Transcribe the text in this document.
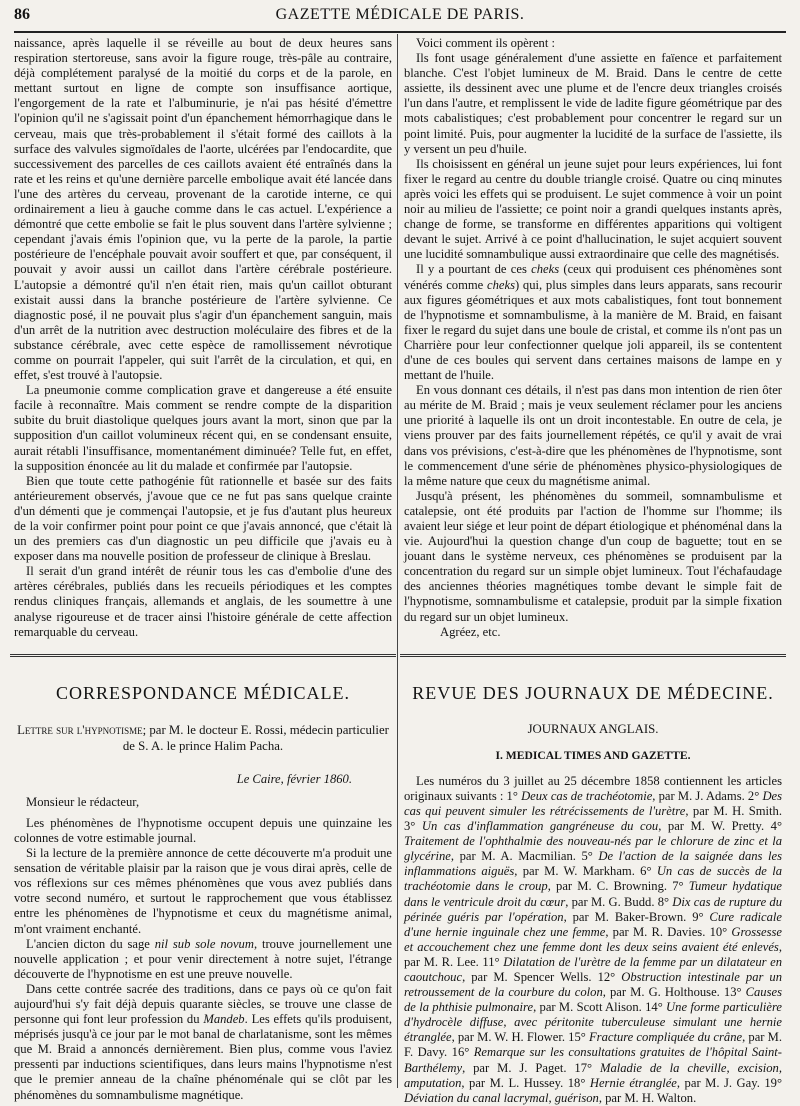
86	GAZETTE MÉDICALE DE PARIS.

naissance, après laquelle il se réveille au bout de deux heures sans respiration stertoreuse, sans avoir la figure rouge, très-pâle au contraire, déjà complétement paralysé de la moitié du corps et de la parole, en mettant surtout en ligne de compte son insuffisance aortique, l'engorgement de la rate et l'albuminurie, je n'ai pas hésité d'émettre l'opinion qu'il ne s'agissait point d'un épanchement hémorrhagique dans le cerveau, mais que très-probablement il s'était formé des caillots à la surface des valvules sigmoïdales de l'aorte, ulcérées par l'endocardite, que successivement des parcelles de ces caillots avaient été entraînés dans la rate et les reins et qu'une dernière parcelle embolique avait été lancée dans l'une des artères du cerveau, provenant de la carotide interne, ce qui ordinairement a lieu à gauche comme dans le cas actuel. L'expérience a démontré que cette embolie se fait le plus souvent dans l'artère sylvienne ; cependant j'avais émis l'opinion que, vu la perte de la parole, la partie postérieure de l'encéphale pouvait avoir souffert et que, par conséquent, il pouvait y avoir aussi un caillot dans l'artère cérébrale postérieure. L'autopsie a démontré qu'il n'en était rien, mais qu'un caillot obturant existait aussi dans la branche postérieure de l'artère sylvienne. Ce diagnostic posé, il ne pouvait plus s'agir d'un épanchement sanguin, mais d'un arrêt de la nutrition avec destruction moléculaire des fibres et de la substance cérébrale, avec cette espèce de ramollissement névrotique comme on pourrait l'appeler, qui suit l'arrêt de la circulation, et qui, en effet, s'est trouvé à l'autopsie.

La pneumonie comme complication grave et dangereuse a été ensuite facile à reconnaître. Mais comment se rendre compte de la disparition subite du bruit diastolique quelques jours avant la mort, sinon que par la supposition d'un caillot volumineux récent qui, en se condensant ensuite, aurait rétabli l'insuffisance, momentanément diminuée? Telle fut, en effet, la supposition énoncée au lit du malade et confirmée par l'autopsie.

Bien que toute cette pathogénie fût rationnelle et basée sur des faits antérieurement observés, j'avoue que ce ne fut pas sans quelque crainte d'un démenti que je commençai l'autopsie, et je fus d'autant plus heureux de la voir confirmer point pour point ce que j'avais annoncé, que c'était là un des premiers cas d'un diagnostic un peu difficile que j'avais eu à exposer dans ma nouvelle position de professeur de clinique à Breslau.

Il serait d'un grand intérêt de réunir tous les cas d'embolie d'une des artères cérébrales, publiés dans les recueils périodiques et les comptes rendus cliniques français, allemands et anglais, de les soumettre à une analyse rigoureuse et de tracer ainsi l'histoire générale de cette affection remarquable du cerveau.

CORRESPONDANCE MÉDICALE.
Lettre sur l'hypnotisme; par M. le docteur E. Rossi, médecin particulier de S. A. le prince Halim Pacha.
Le Caire, février 1860.

Monsieur le rédacteur,

Les phénomènes de l'hypnotisme occupent depuis une quinzaine les colonnes de votre estimable journal.

Si la lecture de la première annonce de cette découverte m'a produit une sensation de véritable plaisir par la raison que je vous dirai après, celle de vos réflexions sur ces mêmes phénomènes que vous avez publiés dans votre second numéro, et surtout le rapprochement que vous établissez entre les phénomènes de l'hypnotisme et ceux du magnétisme animal, m'ont vraiment enchanté.

L'ancien dicton du sage nil sub sole novum, trouve journellement une nouvelle application ; et pour venir directement à notre sujet, l'étrange découverte de l'hypnotisme en est une preuve nouvelle.

Dans cette contrée sacrée des traditions, dans ce pays où ce qu'on fait aujourd'hui s'y fait déjà depuis quarante siècles, se trouve une classe de personne qui font leur profession du Mandeb. Les effets qu'ils produisent, méprisés jusqu'à ce jour par le mot banal de charlatanisme, sont les mêmes que M. Braid a annoncés dernièrement. Bien plus, comme vous l'aviez pressenti par inductions scientifiques, dans leurs mains l'hypnotisme n'est que le premier anneau de la chaîne phénoménale qui se clôt par les phénomènes du somnambulisme magnétique.

Voici comment ils opèrent :

Ils font usage généralement d'une assiette en faïence et parfaitement blanche. C'est l'objet lumineux de M. Braid. Dans le centre de cette assiette, ils dessinent avec une plume et de l'encre deux triangles croisés l'un dans l'autre, et remplissent le vide de ladite figure géométrique par des mots cabalistiques; c'est probablement pour concentrer le regard sur un point limité. Puis, pour augmenter la lucidité de la surface de l'assiette, ils y versent un peu d'huile.

Ils choisissent en général un jeune sujet pour leurs expériences, lui font fixer le regard au centre du double triangle croisé. Quatre ou cinq minutes après voici les effets qui se produisent. Le sujet commence à voir un point noir au milieu de l'assiette; ce point noir a grandi quelques instants après, change de forme, se transforme en différentes apparitions qui voltigent devant le sujet. Arrivé à ce point d'hallucination, le sujet acquiert souvent une lucidité somnambulique aussi extraordinaire que celle des magnétisés.

Il y a pourtant de ces cheks (ceux qui produisent ces phénomènes sont vénérés comme cheks) qui, plus simples dans leurs apparats, sans recourir aux figures géométriques et aux mots cabalistiques, font tout bonnement de l'hypnotisme et somnambulisme, à la manière de M. Braid, en faisant fixer le regard du sujet dans une boule de cristal, et comme ils n'ont pas un Charrière pour leur confectionner quelque joli appareil, ils se contentent d'une de ces boules qui servent dans certaines maisons de lampe en y mettant de l'huile.

En vous donnant ces détails, il n'est pas dans mon intention de rien ôter au mérite de M. Braid ; mais je veux seulement réclamer pour les anciens une priorité à laquelle ils ont un droit incontestable. En outre de cela, je viens prouver par des faits journellement répétés, ce qu'il y avait de vrai dans vos prévisions, c'est-à-dire que les phénomènes de l'hypnotisme, sont le commencement d'une série de phénomènes physico-physiologiques de la même nature que ceux du magnétisme animal.

Jusqu'à présent, les phénomènes du sommeil, somnambulisme et catalepsie, ont été produits par l'action de l'homme sur l'homme; ils avaient leur siége et leur point de départ étiologique et phénoménal dans la vie. Aujourd'hui la question change d'un coup de baguette; tout en se jouant dans le système nerveux, ces phénomènes se produisent par la concentration du regard sur un simple objet lumineux. Tout l'échafaudage des anciennes théories magnétiques tombe devant le simple fait de l'hypnotisme, somnambulisme et catalepsie, produit par la simple fixation du regard sur un objet lumineux.

Agréez, etc.

REVUE DES JOURNAUX DE MÉDECINE.
JOURNAUX ANGLAIS.
I. MEDICAL TIMES AND GAZETTE.

Les numéros du 3 juillet au 25 décembre 1858 contiennent les articles originaux suivants : 1° Deux cas de trachéotomie, par M. J. Adams. 2° Des cas qui peuvent simuler les rétrécissements de l'urètre, par M. H. Smith. 3° Un cas d'inflammation gangréneuse du cou, par M. W. Pretty. 4° Traitement de l'ophthalmie des nouveau-nés par le chlorure de zinc et la glycérine, par M. A. Macmilian. 5° De l'action de la saignée dans les inflammations aiguës, par M. W. Markham. 6° Un cas de succès de la trachéotomie dans le croup, par M. C. Browning. 7° Tumeur hydatique dans le ventricule droit du cœur, par M. G. Budd. 8° Dix cas de rupture du périnée guéris par l'opération, par M. Baker-Brown. 9° Cure radicale d'une hernie inguinale chez une femme, par M. R. Davies. 10° Grossesse et accouchement chez une femme dont les deux seins avaient été enlevés, par M. R. Lee. 11° Dilatation de l'urètre de la femme par un dilatateur en caoutchouc, par M. Spencer Wells. 12° Obstruction intestinale par un retroussement de la courbure du colon, par M. G. Holthouse. 13° Causes de la phthisie pulmonaire, par M. Scott Alison. 14° Une forme particulière d'hydrocèle diffuse, avec péritonite tuberculeuse simulant une hernie étranglée, par M. W. H. Flower. 15° Fracture compliquée du crâne, par M. F. Davy. 16° Remarque sur les consultations gratuites de l'hôpital Saint-Barthélemy, par M. J. Paget. 17° Maladie de la cheville, excision, amputation, par M. L. Hussey. 18° Hernie étranglée, par M. J. Gay. 19° Déviation du canal lacrymal, guérison, par M. H. Walton.
